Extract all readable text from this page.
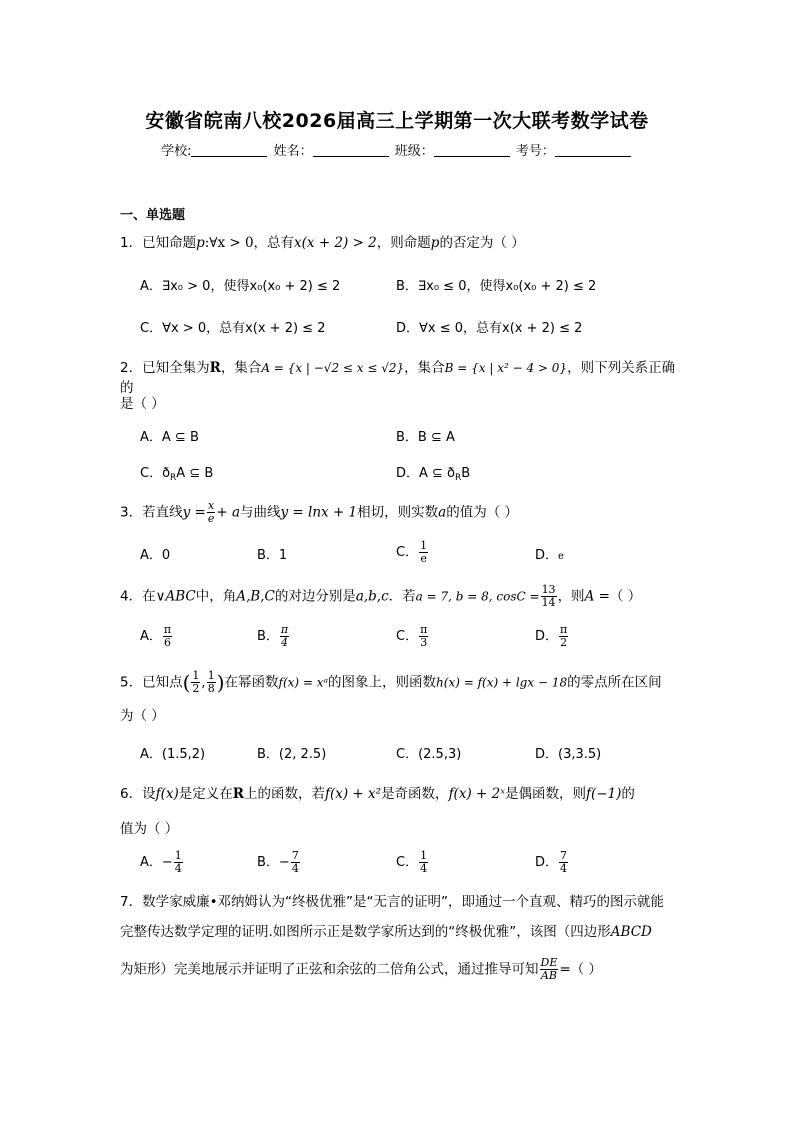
安徽省皖南八校2026届高三上学期第一次大联考数学试卷
学校:	姓名：	班级：	考号：
一、单选题
1．已知命题p:∀x > 0，总有x(x + 2) > 2，则命题p的否定为（ ）
A．∃x₀ > 0，使得x₀(x₀ + 2) ≤ 2	B．∃x₀ ≤ 0，使得x₀(x₀ + 2) ≤ 2
C．∀x > 0，总有x(x + 2) ≤ 2	D．∀x ≤ 0，总有x(x + 2) ≤ 2
2．已知全集为R，集合A = {x | −√2 ≤ x ≤ √2}，集合B = {x | x² − 4 > 0}，则下列关系正确的
是（ ）
A．A ⊆ B	B．B ⊆ A
C．$ð_RA$ ⊆ B	D．A ⊆ $ð_RB$
3．若直线$y = \frac{x}{e} + a$与曲线y = lnx + 1相切，则实数a的值为（ ）
A．0	B．1	C． $\frac{1}{e}$	D．e
4．在∨ABC中，角A,B,C的对边分别是a,b,c．若a = 7, b = 8, $\cos C = \frac{13}{14}$ ，则A =（ ）
A． $\frac{\pi}{6}$	B． $\frac{\pi}{4}$	C． $\frac{\pi}{3}$	D． $\frac{\pi}{2}$
5．已知点( $\frac{1}{2}$ , $\frac{1}{8}$ )在幂函数f(x) = xᵃ的图象上，则函数h(x) = f(x) + lgx − 18的零点所在区间
为（ ）
A．(1.5,2)	B．(2, 2.5)	C．(2.5,3)	D．(3,3.5)
6．设f(x)是定义在R上的函数，若f(x) + x²是奇函数，f(x) + 2ˣ是偶函数，则f(−1)的
值为（ ）
A．− $\frac{1}{4}$	B．− $\frac{7}{4}$	C． $\frac{1}{4}$	D． $\frac{7}{4}$
7．数学家威廉•邓纳姆认为“终极优雅”是“无言的证明”，即通过一个直观、精巧的图示就能
完整传达数学定理的证明.如图所示正是数学家所达到的“终极优雅”，该图（四边形ABCD
为矩形）完美地展示并证明了正弦和余弦的二倍角公式，通过推导可知 $\frac{DE}{AB}$ =（ ）
